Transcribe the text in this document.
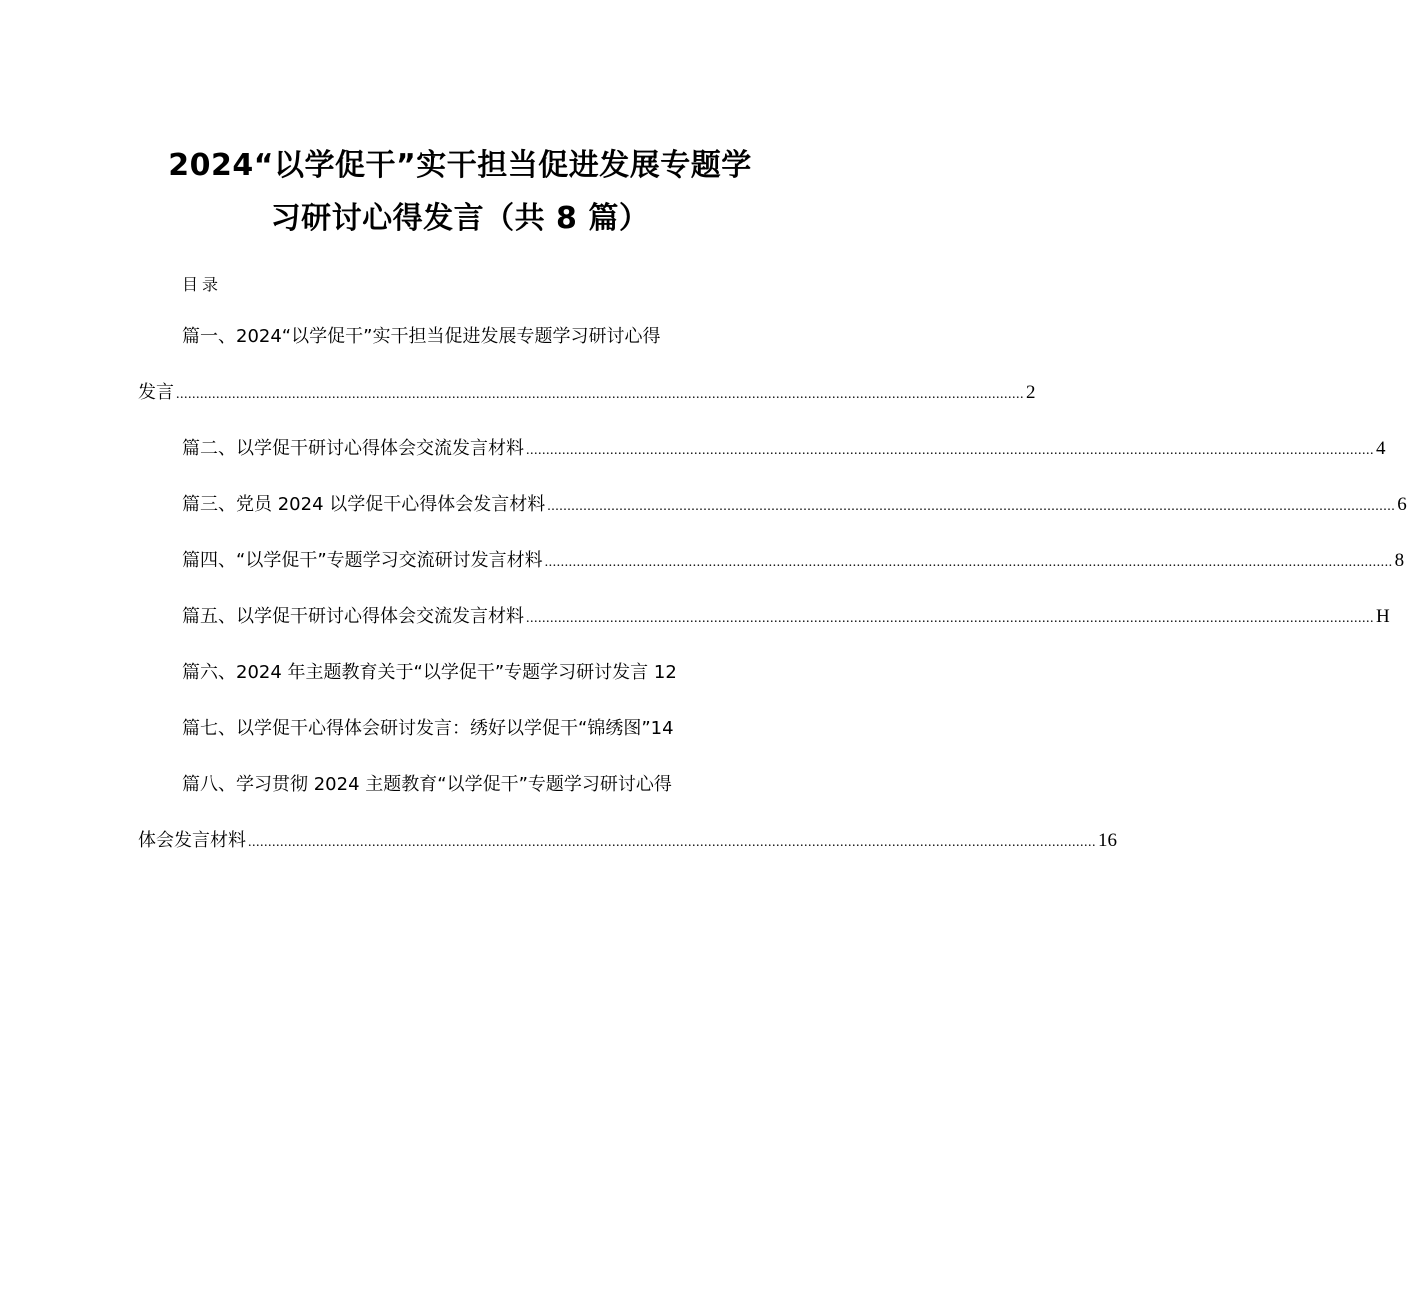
2024“以学促干”实干担当促进发展专题学
习研讨心得发言（共 8 篇）
目录
篇一、2024“以学促干”实干担当促进发展专题学习研讨心得
发言 .................................................................................................................................................................................................................... 2
篇二、以学促干研讨心得体会交流发言材料 .................................................................................................................................................................................................................... 4
篇三、党员 2024 以学促干心得体会发言材料 .................................................................................................................................................................................................................... 6
篇四、“以学促干”专题学习交流研讨发言材料 .................................................................................................................................................................................................................... 8
篇五、以学促干研讨心得体会交流发言材料 .................................................................................................................................................................................................................... H
篇六、2024 年主题教育关于“以学促干”专题学习研讨发言 12
篇七、以学促干心得体会研讨发言：绣好以学促干“锦绣图”14
篇八、学习贯彻 2024 主题教育“以学促干”专题学习研讨心得
体会发言材料 .................................................................................................................................................................................................................... 16
